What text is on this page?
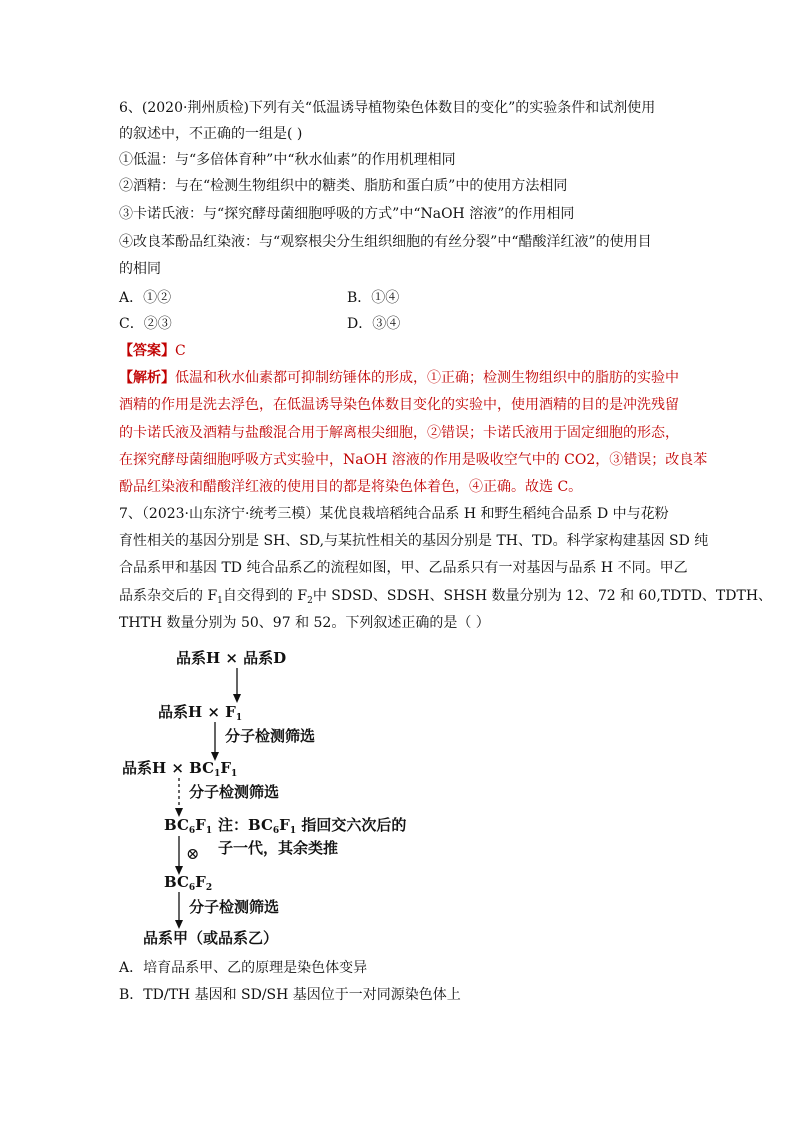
6、(2020·荆州质检)下列有关“低温诱导植物染色体数目的变化”的实验条件和试剂使用
的叙述中，不正确的一组是( )
①低温：与“多倍体育种”中“秋水仙素”的作用机理相同
②酒精：与在“检测生物组织中的糖类、脂肪和蛋白质”中的使用方法相同
③卡诺氏液：与“探究酵母菌细胞呼吸的方式”中“NaOH 溶液”的作用相同
④改良苯酚品红染液：与“观察根尖分生组织细胞的有丝分裂”中“醋酸洋红液”的使用目
的相同
A．①②	B．①④
C．②③	D．③④
【答案】C
【解析】低温和秋水仙素都可抑制纺锤体的形成，①正确；检测生物组织中的脂肪的实验中
酒精的作用是洗去浮色，在低温诱导染色体数目变化的实验中，使用酒精的目的是冲洗残留
的卡诺氏液及酒精与盐酸混合用于解离根尖细胞，②错误；卡诺氏液用于固定细胞的形态，
在探究酵母菌细胞呼吸方式实验中，NaOH 溶液的作用是吸收空气中的 CO2，③错误；改良苯
酚品红染液和醋酸洋红液的使用目的都是将染色体着色，④正确。故选 C。
7、（2023·山东济宁·统考三模）某优良栽培稻纯合品系 H 和野生稻纯合品系 D 中与花粉
育性相关的基因分别是 SH、SD,与某抗性相关的基因分别是 TH、TD。科学家构建基因 SD 纯
合品系甲和基因 TD 纯合品系乙的流程如图，甲、乙品系只有一对基因与品系 H 不同。甲乙
品系杂交后的 $F_1$自交得到的 $F_2$中 SDSD、SDSH、SHSH 数量分别为 12、72 和 60,TDTD、TDTH、
THTH 数量分别为 50、97 和 52。下列叙述正确的是（ ）
品系H × 品系D
品系$H \times F_1$
分子检测筛选
品系$H \times BC_1F_1$
分子检测筛选
$BC_6F_1$ 注：$BC_6F_1$ 指回交六次后的
子一代，其余类推
⊗
$BC_6F_2$
分子检测筛选
品系甲（或品系乙）
A．培育品系甲、乙的原理是染色体变异
B．TD/TH 基因和 SD/SH 基因位于一对同源染色体上
